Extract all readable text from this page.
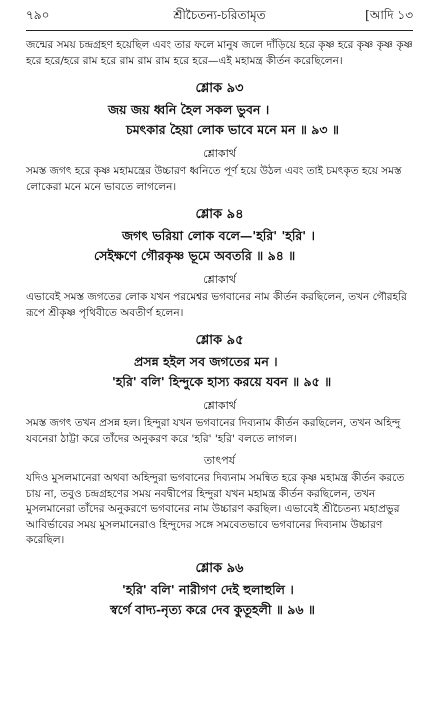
৭৯০	শ্রীচৈতন্য-চরিতামৃত	[আদি ১৩

জন্মের সময় চন্দ্রগ্রহণ হয়েছিল এবং তার ফলে মানুষ জলে দাঁড়িয়ে হরে কৃষ্ণ হরে কৃষ্ণ কৃষ্ণ কৃষ্ণ হরে হরে/হরে রাম হরে রাম রাম রাম হরে হরে—এই মহামন্ত্র কীর্তন করেছিলেন।

শ্লোক ৯৩

জয় জয় ধ্বনি হৈল সকল ভুবন ।

চমৎকার হৈয়া লোক ভাবে মনে মন ॥ ৯৩ ॥

শ্লোকার্থ

সমস্ত জগৎ হরে কৃষ্ণ মহামন্ত্রের উচ্চারণ ধ্বনিতে পূর্ণ হয়ে উঠল এবং তাই চমৎকৃত হয়ে সমস্ত লোকেরা মনে মনে ভাবতে লাগলেন।

শ্লোক ৯৪

জগৎ ভরিয়া লোক বলে—'হরি' 'হরি' ।

সেইক্ষণে গৌরকৃষ্ণ ভূমে অবতরি ॥ ৯৪ ॥

শ্লোকার্থ

এভাবেই সমস্ত জগতের লোক যখন পরমেশ্বর ভগবানের নাম কীর্তন করছিলেন, তখন গৌরহরি রূপে শ্রীকৃষ্ণ পৃথিবীতে অবতীর্ণ হলেন।

শ্লোক ৯৫

প্রসন্ন হইল সব জগতের মন ।

'হরি' বলি' হিন্দুকে হাস্য করয়ে যবন ॥ ৯৫ ॥

শ্লোকার্থ

সমস্ত জগৎ তখন প্রসন্ন হল। হিন্দুরা যখন ভগবানের দিব্যনাম কীর্তন করছিলেন, তখন অহিন্দু যবনেরা ঠাট্টা করে তাঁদের অনুকরণ করে 'হরি' 'হরি' বলতে লাগল।

তাৎপর্য

যদিও মুসলমানেরা অথবা অহিন্দুরা ভগবানের দিব্যনাম সমন্বিত হরে কৃষ্ণ মহামন্ত্র কীর্তন করতে চায় না, তবুও চন্দ্রগ্রহণের সময় নবদ্বীপের হিন্দুরা যখন মহামন্ত্র কীর্তন করছিলেন, তখন মুসলমানেরা তাঁদের অনুকরণে ভগবানের নাম উচ্চারণ করছিল। এভাবেই শ্রীচৈতন্য মহাপ্রভুর আবির্ভাবের সময় মুসলমানেরাও হিন্দুদের সঙ্গে সমবেতভাবে ভগবানের দিব্যনাম উচ্চারণ করেছিল।

শ্লোক ৯৬

'হরি' বলি' নারীগণ দেই হুলাহুলি ।

স্বর্গে বাদ্য-নৃত্য করে দেব কুতূহলী ॥ ৯৬ ॥
